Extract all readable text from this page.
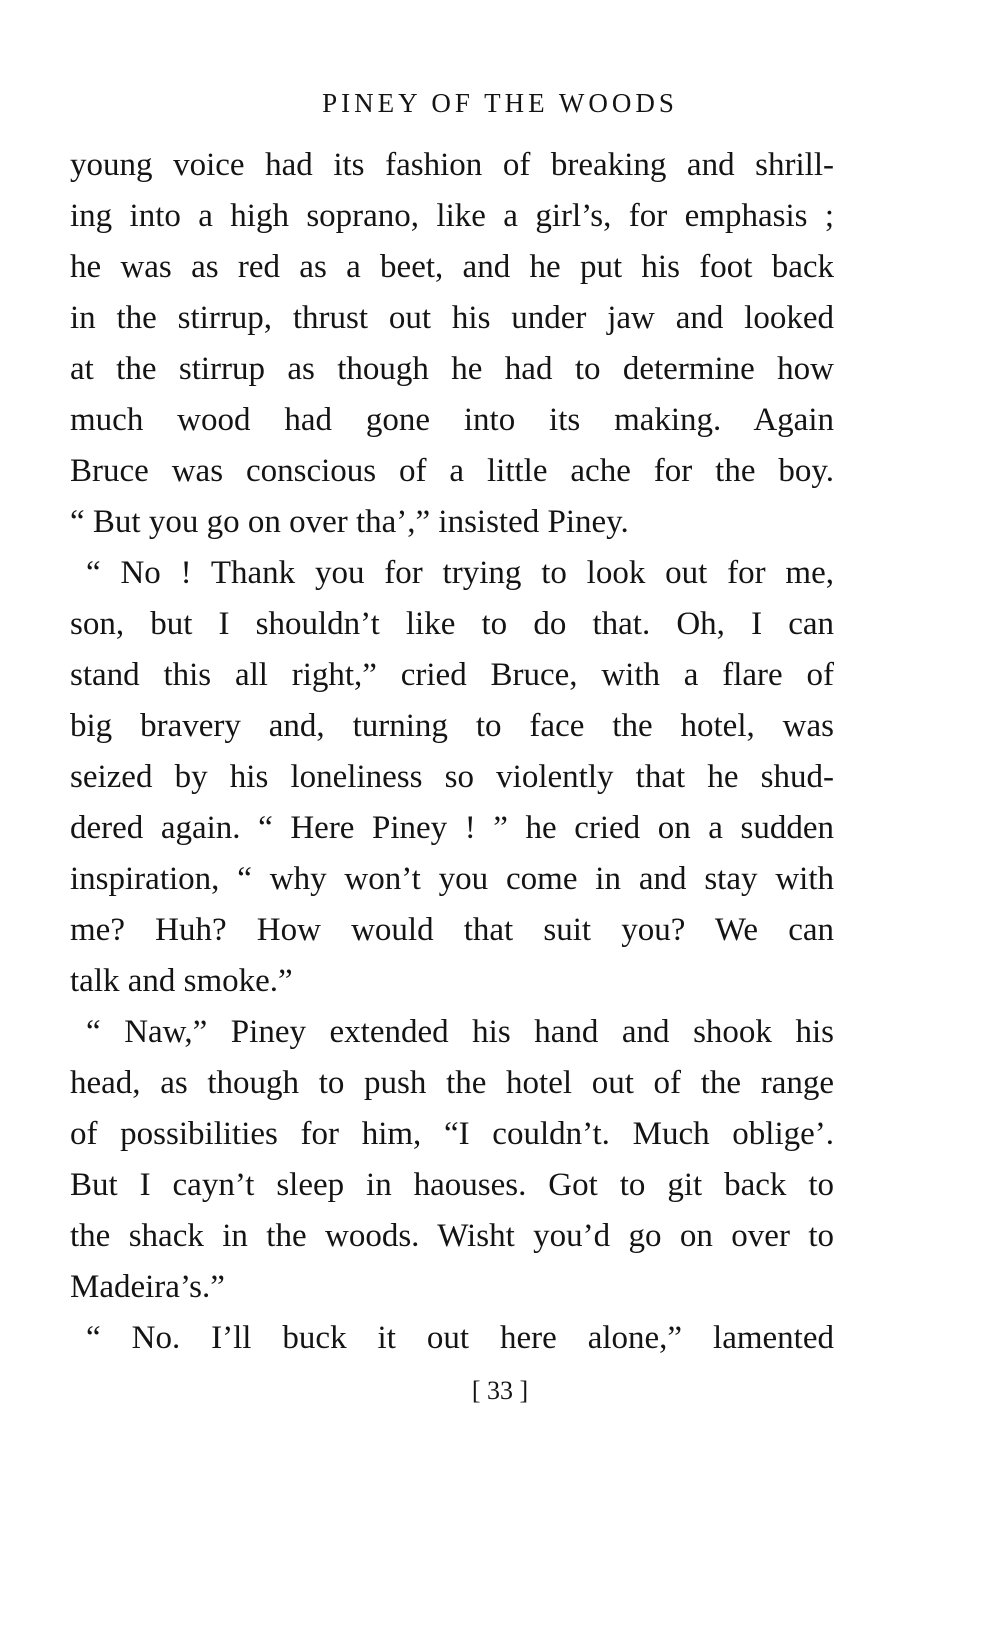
PINEY OF THE WOODS
young voice had its fashion of breaking and shrill-
ing into a high soprano, like a girl’s, for emphasis ;
he was as red as a beet, and he put his foot back
in the stirrup, thrust out his under jaw and looked
at the stirrup as though he had to determine how
much wood had gone into its making. Again
Bruce was conscious of a little ache for the boy.
“ But you go on over tha’,” insisted Piney.
“ No ! Thank you for trying to look out for me,
son, but I shouldn’t like to do that. Oh, I can
stand this all right,” cried Bruce, with a flare of
big bravery and, turning to face the hotel, was
seized by his loneliness so violently that he shud-
dered again. “ Here Piney ! ” he cried on a sudden
inspiration, “ why won’t you come in and stay with
me? Huh? How would that suit you? We can
talk and smoke.”
“ Naw,” Piney extended his hand and shook his
head, as though to push the hotel out of the range
of possibilities for him, “I couldn’t. Much oblige’.
But I cayn’t sleep in haouses. Got to git back to
the shack in the woods. Wisht you’d go on over to
Madeira’s.”
“ No. I’ll buck it out here alone,” lamented
[ 33 ]
